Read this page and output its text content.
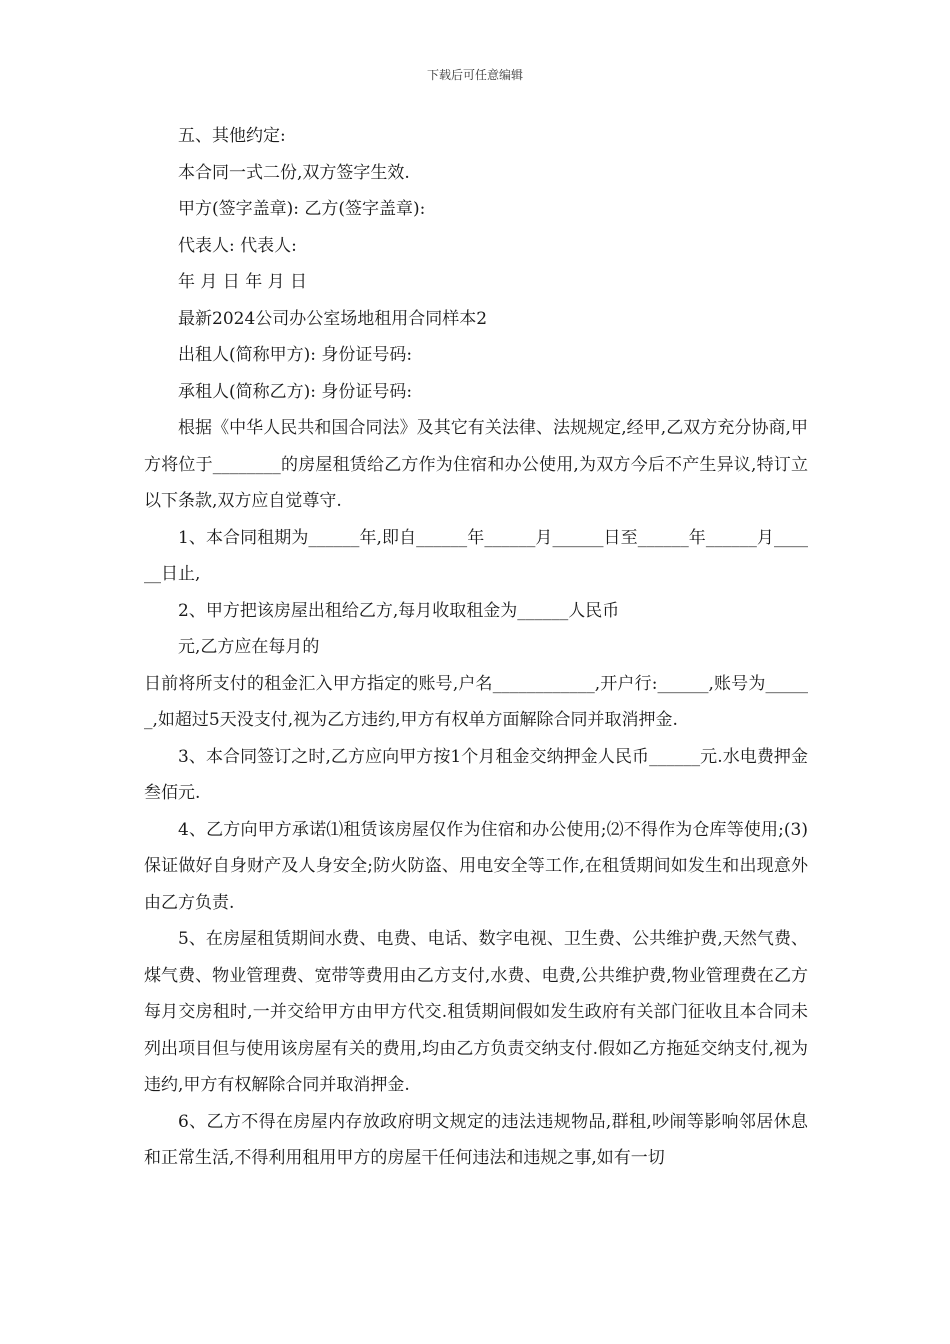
下载后可任意编辑

五、其他约定:

本合同一式二份,双方签字生效.

甲方(签字盖章): 乙方(签字盖章):

代表人: 代表人:

年 月 日 年 月 日

最新2024公司办公室场地租用合同样本2

出租人(简称甲方): 身份证号码:

承租人(简称乙方): 身份证号码:

根据《中华人民共和国合同法》及其它有关法律、法规规定,经甲,乙双方充分协商,甲方将位于________的房屋租赁给乙方作为住宿和办公使用,为双方今后不产生异议,特订立以下条款,双方应自觉尊守.

1、本合同租期为______年,即自______年______月______日至______年______月______日止,

2、甲方把该房屋出租给乙方,每月收取租金为______人民币

元,乙方应在每月的

日前将所支付的租金汇入甲方指定的账号,户名____________,开户行:______,账号为______,如超过5天没支付,视为乙方违约,甲方有权单方面解除合同并取消押金.

3、本合同签订之时,乙方应向甲方按1个月租金交纳押金人民币______元.水电费押金叁佰元.

4、乙方向甲方承诺⑴租赁该房屋仅作为住宿和办公使用;⑵不得作为仓库等使用;(3)保证做好自身财产及人身安全;防火防盗、用电安全等工作,在租赁期间如发生和出现意外由乙方负责.

5、在房屋租赁期间水费、电费、电话、数字电视、卫生费、公共维护费,天然气费、煤气费、物业管理费、宽带等费用由乙方支付,水费、电费,公共维护费,物业管理费在乙方每月交房租时,一并交给甲方由甲方代交.租赁期间假如发生政府有关部门征收且本合同未列出项目但与使用该房屋有关的费用,均由乙方负责交纳支付.假如乙方拖延交纳支付,视为违约,甲方有权解除合同并取消押金.

6、乙方不得在房屋内存放政府明文规定的违法违规物品,群租,吵闹等影响邻居休息和正常生活,不得利用租用甲方的房屋干任何违法和违规之事,如有一切
